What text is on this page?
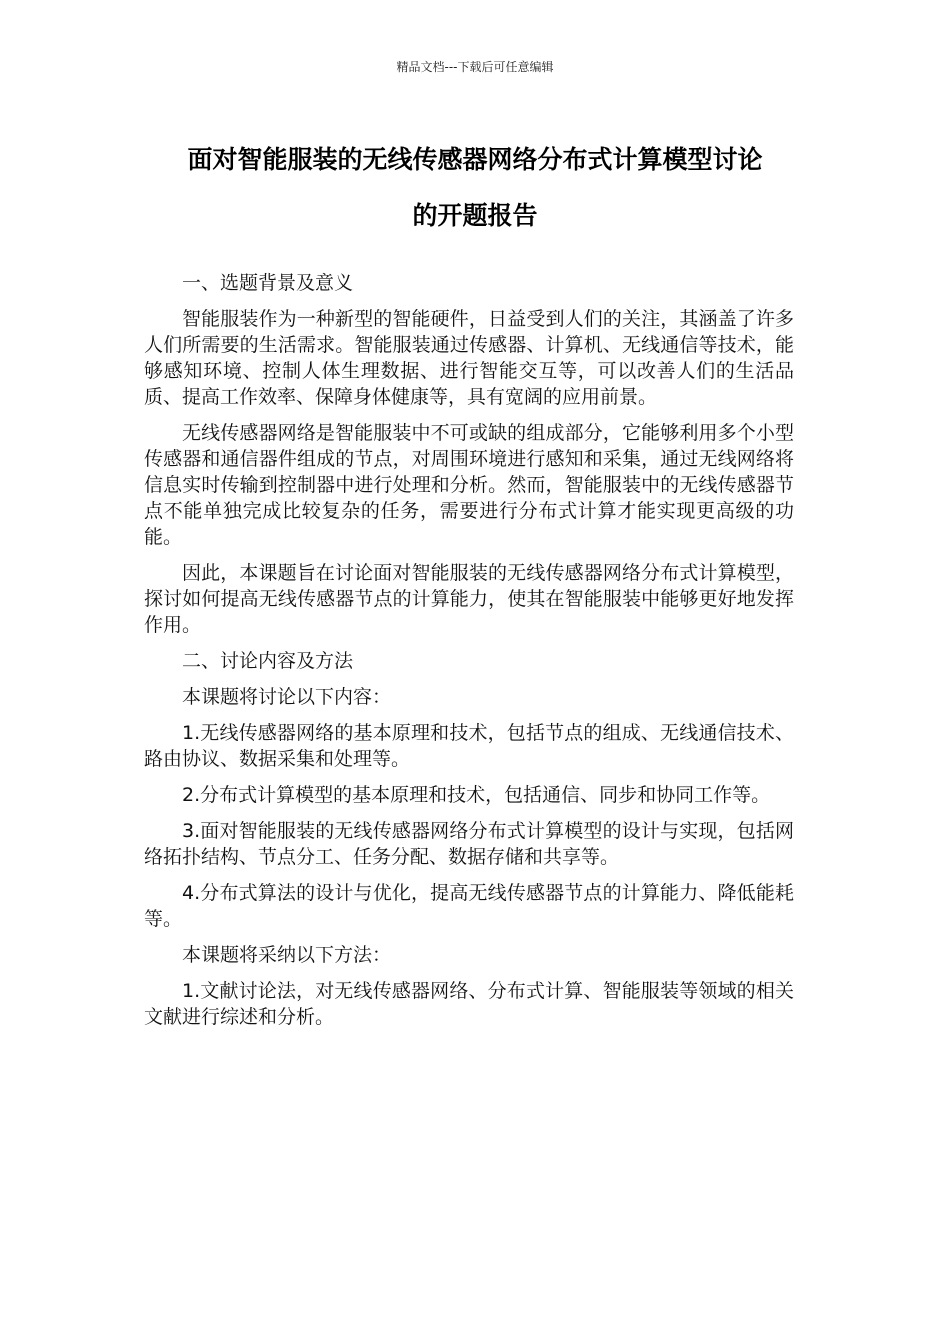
精品文档---下载后可任意编辑
面对智能服装的无线传感器网络分布式计算模型讨论
的开题报告

一、选题背景及意义

智能服装作为一种新型的智能硬件，日益受到人们的关注，其涵盖了许多人们所需要的生活需求。智能服装通过传感器、计算机、无线通信等技术，能够感知环境、控制人体生理数据、进行智能交互等，可以改善人们的生活品质、提高工作效率、保障身体健康等，具有宽阔的应用前景。

无线传感器网络是智能服装中不可或缺的组成部分，它能够利用多个小型传感器和通信器件组成的节点，对周围环境进行感知和采集，通过无线网络将信息实时传输到控制器中进行处理和分析。然而，智能服装中的无线传感器节点不能单独完成比较复杂的任务，需要进行分布式计算才能实现更高级的功能。

因此，本课题旨在讨论面对智能服装的无线传感器网络分布式计算模型，探讨如何提高无线传感器节点的计算能力，使其在智能服装中能够更好地发挥作用。

二、讨论内容及方法

本课题将讨论以下内容：

1.无线传感器网络的基本原理和技术，包括节点的组成、无线通信技术、路由协议、数据采集和处理等。

2.分布式计算模型的基本原理和技术，包括通信、同步和协同工作等。

3.面对智能服装的无线传感器网络分布式计算模型的设计与实现，包括网络拓扑结构、节点分工、任务分配、数据存储和共享等。

4.分布式算法的设计与优化，提高无线传感器节点的计算能力、降低能耗等。

本课题将采纳以下方法：

1.文献讨论法，对无线传感器网络、分布式计算、智能服装等领域的相关文献进行综述和分析。
